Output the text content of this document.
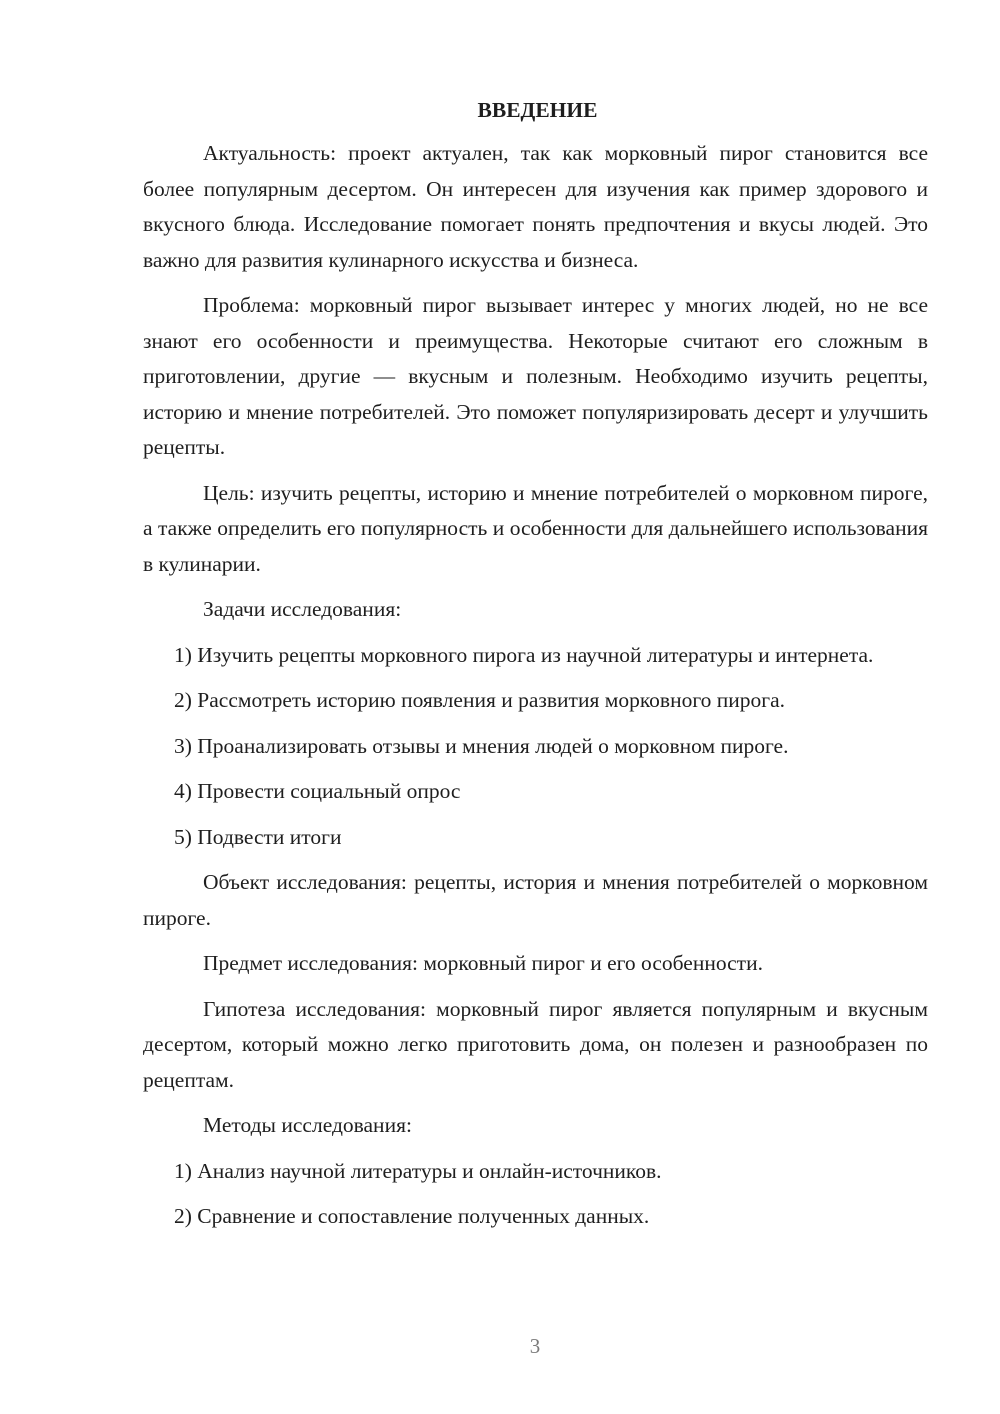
ВВЕДЕНИЕ

Актуальность: проект актуален, так как морковный пирог становится все более популярным десертом. Он интересен для изучения как пример здорового и вкусного блюда. Исследование помогает понять предпочтения и вкусы людей. Это важно для развития кулинарного искусства и бизнеса.

Проблема: морковный пирог вызывает интерес у многих людей, но не все знают его особенности и преимущества. Некоторые считают его сложным в приготовлении, другие — вкусным и полезным. Необходимо изучить рецепты, историю и мнение потребителей. Это поможет популяризировать десерт и улучшить рецепты.

Цель: изучить рецепты, историю и мнение потребителей о морковном пироге, а также определить его популярность и особенности для дальнейшего использования в кулинарии.

Задачи исследования:

1) Изучить рецепты морковного пирога из научной литературы и интернета.

2) Рассмотреть историю появления и развития морковного пирога.

3) Проанализировать отзывы и мнения людей о морковном пироге.

4) Провести социальный опрос

5) Подвести итоги

Объект исследования: рецепты, история и мнения потребителей о морковном пироге.

Предмет исследования: морковный пирог и его особенности.

Гипотеза исследования: морковный пирог является популярным и вкусным десертом, который можно легко приготовить дома, он полезен и разнообразен по рецептам.

Методы исследования:

1) Анализ научной литературы и онлайн-источников.

2) Сравнение и сопоставление полученных данных.

3
